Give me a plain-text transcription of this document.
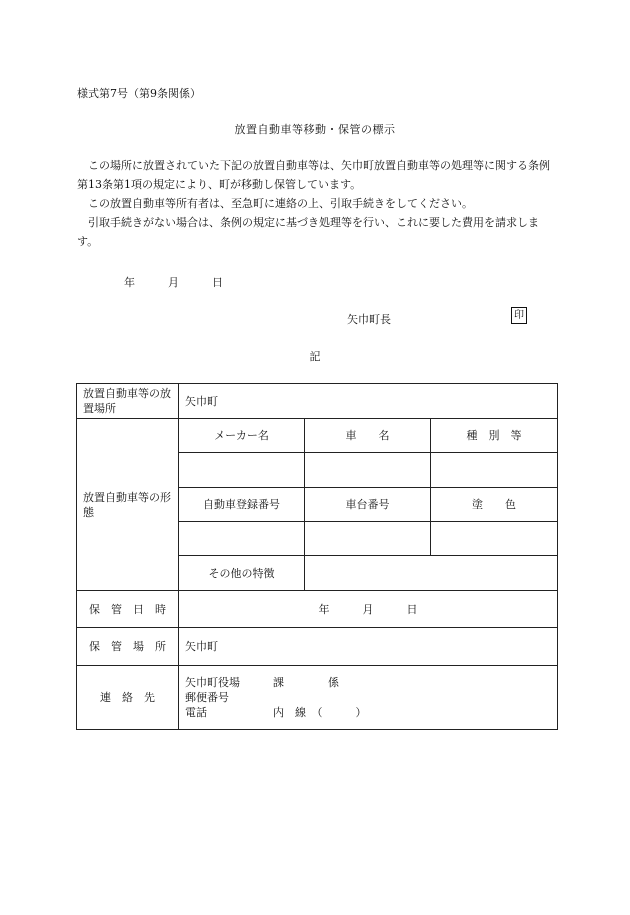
様式第7号（第9条関係）
放置自動車等移動・保管の標示
この場所に放置されていた下記の放置自動車等は、矢巾町放置自動車等の処理等に関する条例第13条第1項の規定により、町が移動し保管しています。
この放置自動車等所有者は、至急町に連絡の上、引取手続きをしてください。
引取手続きがない場合は、条例の規定に基づき処理等を行い、これに要した費用を請求します。
年	月	日
矢巾町長	印
記
放置自動車等の放置場所	矢巾町		
放置自動車等の形態	メーカー名	車　　名	種　別　等

	自動車登録番号	車台番号	塗　　色

	その他の特徴		
保　管　日　時	年　　　月　　　日		
保　管　場　所	矢巾町		
連　絡　先	矢巾町役場　　　課　　　　係
郵便番号
電話　　　　　　内　線　（　　　）		
